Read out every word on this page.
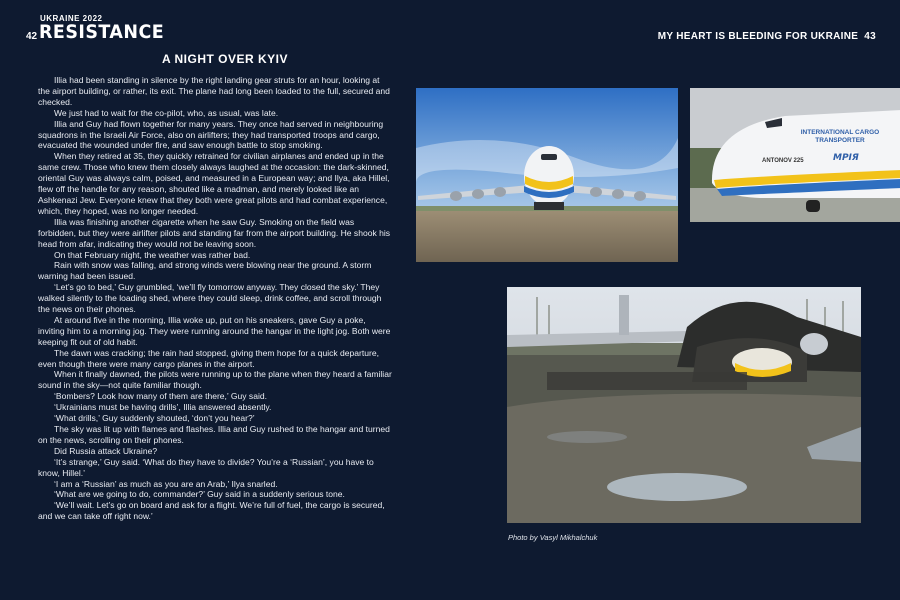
42
UKRAINE 2022
RESISTANCE
A NIGHT OVER KYIV

Illia had been standing in silence by the right landing gear struts for an hour, looking at the airport building, or rather, its exit. The plane had long been loaded to the full, secured and checked.

We just had to wait for the co-pilot, who, as usual, was late.

Illia and Guy had flown together for many years. They once had served in neighbouring squadrons in the Israeli Air Force, also on airlifters; they had transported troops and cargo, evacuated the wounded under fire, and saw enough battle to stop smoking.

When they retired at 35, they quickly retrained for civilian airplanes and ended up in the same crew. Those who knew them closely always laughed at the occasion: the dark-skinned, oriental Guy was always calm, poised, and measured in a European way; and Ilya, aka Hillel, flew off the handle for any reason, shouted like a madman, and merely looked like an Ashkenazi Jew. Everyone knew that they both were great pilots and had combat experience, which, they hoped, was no longer needed.

Illia was finishing another cigarette when he saw Guy. Smoking on the field was forbidden, but they were airlifter pilots and standing far from the airport building. He shook his head from afar, indicating they would not be leaving soon.

On that February night, the weather was rather bad.

Rain with snow was falling, and strong winds were blowing near the ground. A storm warning had been issued.

‘Let’s go to bed,’ Guy grumbled, ‘we’ll fly tomorrow anyway. They closed the sky.’ They walked silently to the loading shed, where they could sleep, drink coffee, and scroll through the news on their phones.

At around five in the morning, Illia woke up, put on his sneakers, gave Guy a poke, inviting him to a morning jog. They were running around the hangar in the light jog. Both were keeping fit out of old habit.

The dawn was cracking; the rain had stopped, giving them hope for a quick departure, even though there were many cargo planes in the airport.

When it finally dawned, the pilots were running up to the plane when they heard a familiar sound in the sky—not quite familiar though.

‘Bombers? Look how many of them are there,’ Guy said.

‘Ukrainians must be having drills’, Illia answered absently.

‘What drills,’ Guy suddenly shouted, ‘don’t you hear?’

The sky was lit up with flames and flashes. Illia and Guy rushed to the hangar and turned on the news, scrolling on their phones.

Did Russia attack Ukraine?

‘It’s strange,’ Guy said. ‘What do they have to divide? You’re a ‘Russian’, you have to know, Hillel.’

‘I am a ‘Russian’ as much as you are an Arab,’ Ilya snarled.

‘What are we going to do, commander?’ Guy said in a suddenly serious tone.

‘We’ll wait. Let’s go on board and ask for a flight. We’re full of fuel, the cargo is secured, and we can take off right now.’

MY HEART IS BLEEDING FOR UKRAINE 43
INTERNATIONAL CARGO TRANSPORTER
ANTONOV 225	МРІЯ
Photo by Vasyl Mikhalchuk
